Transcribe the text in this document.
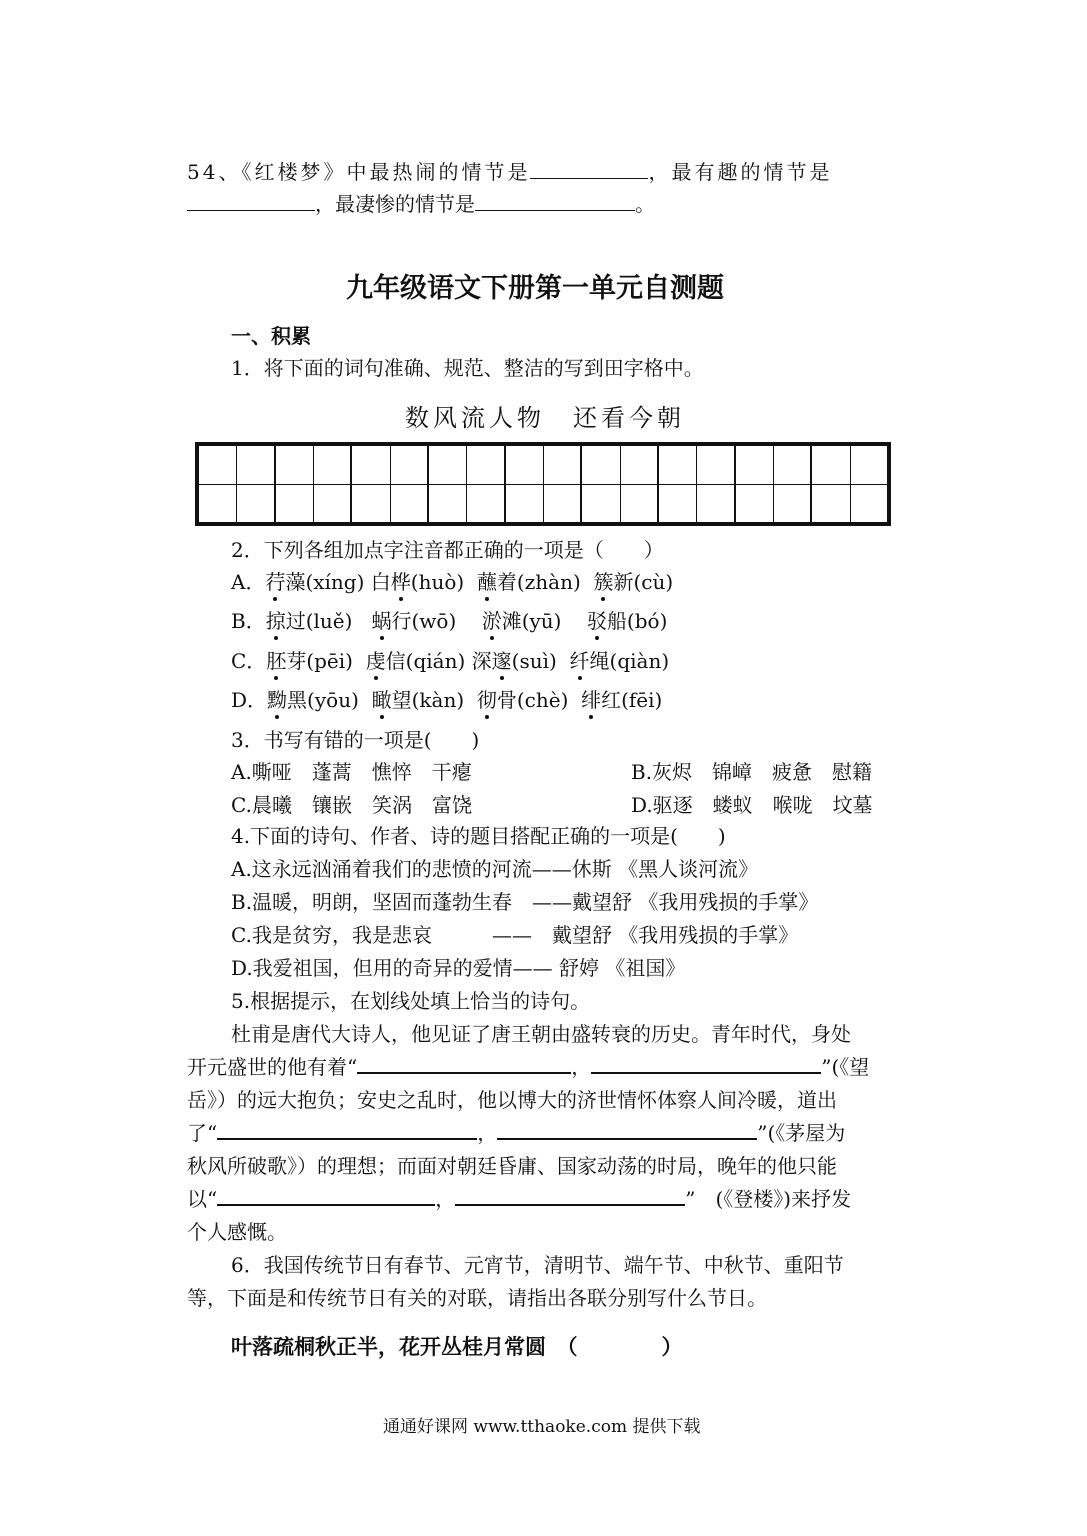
54、《红楼梦》中最热闹的情节是	，最有趣的情节是
，最凄惨的情节是	。
九年级语文下册第一单元自测题
一、积累
1．将下面的词句准确、规范、整洁的写到田字格中。
数风流人物　还看今朝
2．下列各组加点字注音都正确的一项是（　　）
A．荇藻(xíng) 白桦(huò) 蘸着(zhàn) 簇新(cù)
B．掠过(luě) 蜗行(wō) 淤滩(yū) 驳船(bó)
C．胚芽(pēi) 虔信(qián) 深邃(suì) 纤绳(qiàn)
D．黝黑(yōu) 瞰望(kàn) 彻骨(chè) 绯红(fēi)
3．书写有错的一项是(　　)
A.嘶哑　蓬蒿　憔悴　干瘪	B.灰烬　锦嶂　疲惫　慰籍
C.晨曦　镶嵌　笑涡　富饶	D.驱逐　蝼蚁　喉咙　坟墓
4.下面的诗句、作者、诗的题目搭配正确的一项是(　　)
A.这永远汹涌着我们的悲愤的河流——休斯 《黑人谈河流》
B.温暖，明朗，坚固而蓬勃生春　——戴望舒 《我用残损的手掌》
C.我是贫穷，我是悲哀　　　——　戴望舒 《我用残损的手掌》
D.我爱祖国，但用的奇异的爱情—— 舒婷 《祖国》
5.根据提示，在划线处填上恰当的诗句。
杜甫是唐代大诗人，他见证了唐王朝由盛转衰的历史。青年时代，身处
开元盛世的他有着“	，	”(《望
岳》）的远大抱负；安史之乱时，他以博大的济世情怀体察人间冷暖，道出
了“	，	”(《茅屋为
秋风所破歌》）的理想；而面对朝廷昏庸、国家动荡的时局，晚年的他只能
以“	，	”　(《登楼》)来抒发
个人感慨。
6．我国传统节日有春节、元宵节，清明节、端午节、中秋节、重阳节
等，下面是和传统节日有关的对联，请指出各联分别写什么节日。
叶落疏桐秋正半，花开丛桂月常圆　（　　　　）
通通好课网 www.tthaoke.com 提供下载
